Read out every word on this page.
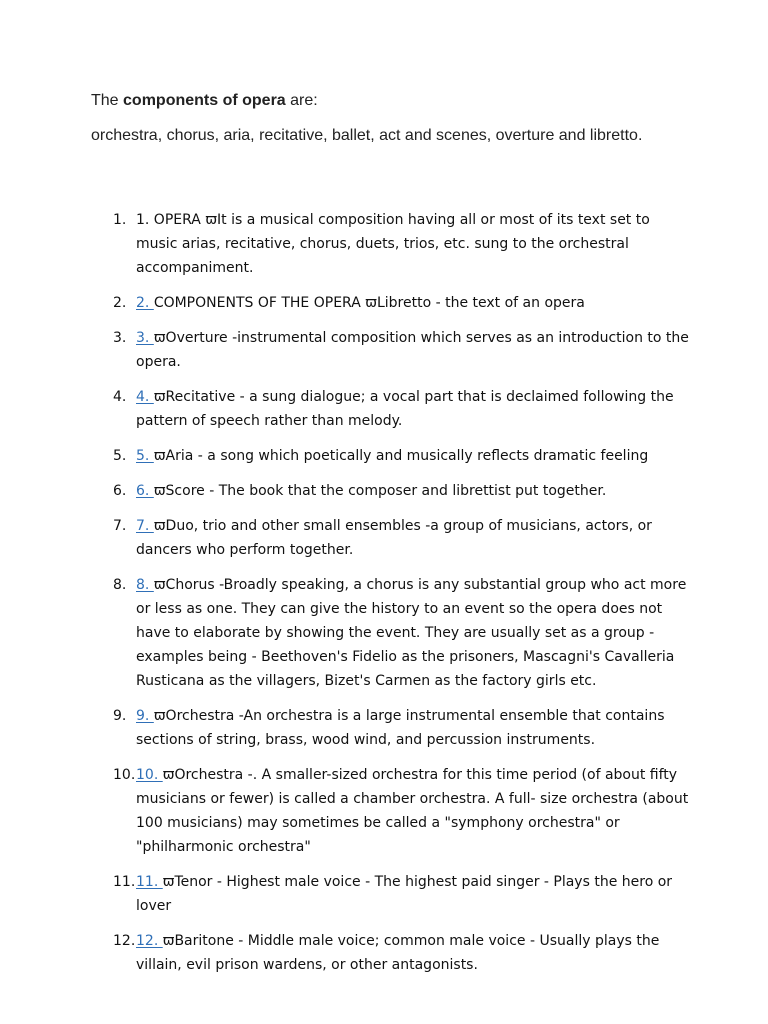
The components of opera are:

orchestra, chorus, aria, recitative, ballet, act and scenes, overture and libretto.

1. 1. OPERA ϖIt is a musical composition having all or most of its text set to music arias, recitative, chorus, duets, trios, etc. sung to the orchestral accompaniment.
2. 2. COMPONENTS OF THE OPERA ϖLibretto - the text of an opera
3. 3. ϖOverture -instrumental composition which serves as an introduction to the opera.
4. 4. ϖRecitative - a sung dialogue; a vocal part that is declaimed following the pattern of speech rather than melody.
5. 5. ϖAria - a song which poetically and musically reflects dramatic feeling
6. 6. ϖScore - The book that the composer and librettist put together.
7. 7. ϖDuo, trio and other small ensembles -a group of musicians, actors, or dancers who perform together.
8. 8. ϖChorus -Broadly speaking, a chorus is any substantial group who act more or less as one. They can give the history to an event so the opera does not have to elaborate by showing the event. They are usually set as a group - examples being - Beethoven's Fidelio as the prisoners, Mascagni's Cavalleria Rusticana as the villagers, Bizet's Carmen as the factory girls etc.
9. 9. ϖOrchestra -An orchestra is a large instrumental ensemble that contains sections of string, brass, wood wind, and percussion instruments.
10. 10. ϖOrchestra -. A smaller-sized orchestra for this time period (of about fifty musicians or fewer) is called a chamber orchestra. A full- size orchestra (about 100 musicians) may sometimes be called a "symphony orchestra" or "philharmonic orchestra"
11. 11. ϖTenor - Highest male voice - The highest paid singer - Plays the hero or lover
12. 12. ϖBaritone - Middle male voice; common male voice - Usually plays the villain, evil prison wardens, or other antagonists.
